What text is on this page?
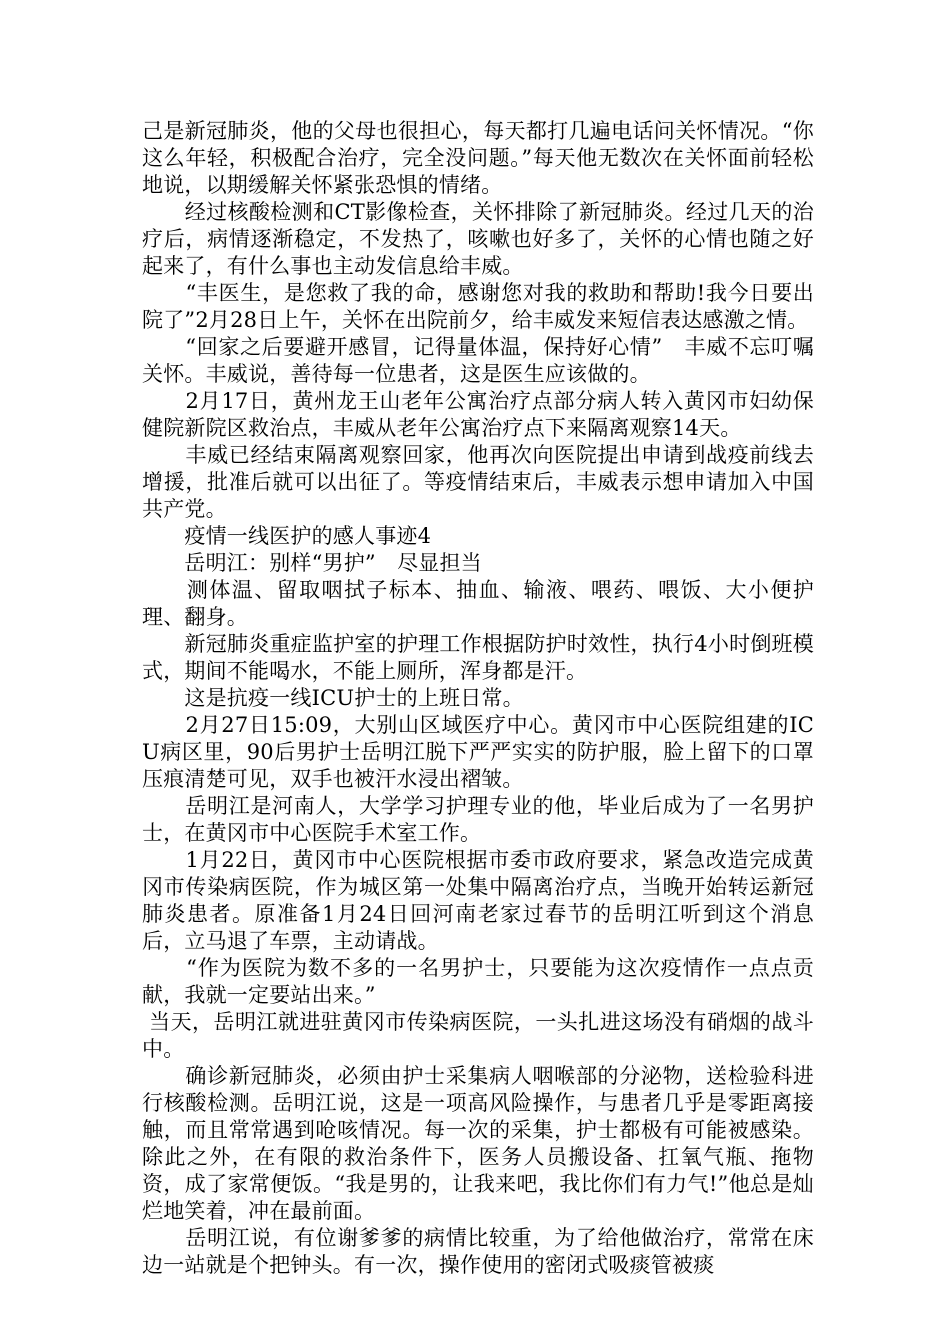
己是新冠肺炎，他的父母也很担心，每天都打几遍电话问关怀情况。“你这么年轻，积极配合治疗，完全没问题。”每天他无数次在关怀面前轻松地说，以期缓解关怀紧张恐惧的情绪。

　　经过核酸检测和CT影像检查，关怀排除了新冠肺炎。经过几天的治疗后，病情逐渐稳定，不发热了，咳嗽也好多了，关怀的心情也随之好起来了，有什么事也主动发信息给丰威。

　　“丰医生，是您救了我的命，感谢您对我的救助和帮助!我今日要出院了”2月28日上午，关怀在出院前夕，给丰威发来短信表达感激之情。

　　“回家之后要避开感冒，记得量体温，保持好心情”　丰威不忘叮嘱关怀。丰威说，善待每一位患者，这是医生应该做的。

　　2月17日，黄州龙王山老年公寓治疗点部分病人转入黄冈市妇幼保健院新院区救治点，丰威从老年公寓治疗点下来隔离观察14天。

　　丰威已经结束隔离观察回家，他再次向医院提出申请到战疫前线去增援，批准后就可以出征了。等疫情结束后，丰威表示想申请加入中国共产党。

　　疫情一线医护的感人事迹4

　　岳明江：别样“男护”　尽显担当

　　测体温、留取咽拭子标本、抽血、输液、喂药、喂饭、大小便护理、翻身。

　　新冠肺炎重症监护室的护理工作根据防护时效性，执行4小时倒班模式，期间不能喝水，不能上厕所，浑身都是汗。

　　这是抗疫一线ICU护士的上班日常。

　　2月27日15:09，大别山区域医疗中心。黄冈市中心医院组建的ICU病区里，90后男护士岳明江脱下严严实实的防护服，脸上留下的口罩压痕清楚可见，双手也被汗水浸出褶皱。

　　岳明江是河南人，大学学习护理专业的他，毕业后成为了一名男护士，在黄冈市中心医院手术室工作。

　　1月22日，黄冈市中心医院根据市委市政府要求，紧急改造完成黄冈市传染病医院，作为城区第一处集中隔离治疗点，当晚开始转运新冠肺炎患者。原准备1月24日回河南老家过春节的岳明江听到这个消息后，立马退了车票，主动请战。

　　“作为医院为数不多的一名男护士，只要能为这次疫情作一点点贡献，我就一定要站出来。”

当天，岳明江就进驻黄冈市传染病医院，一头扎进这场没有硝烟的战斗中。

　　确诊新冠肺炎，必须由护士采集病人咽喉部的分泌物，送检验科进行核酸检测。岳明江说，这是一项高风险操作，与患者几乎是零距离接触，而且常常遇到呛咳情况。每一次的采集，护士都极有可能被感染。除此之外，在有限的救治条件下，医务人员搬设备、扛氧气瓶、拖物资，成了家常便饭。“我是男的，让我来吧，我比你们有力气!”他总是灿烂地笑着，冲在最前面。

　　岳明江说，有位谢爹爹的病情比较重，为了给他做治疗，常常在床边一站就是个把钟头。有一次，操作使用的密闭式吸痰管被痰
